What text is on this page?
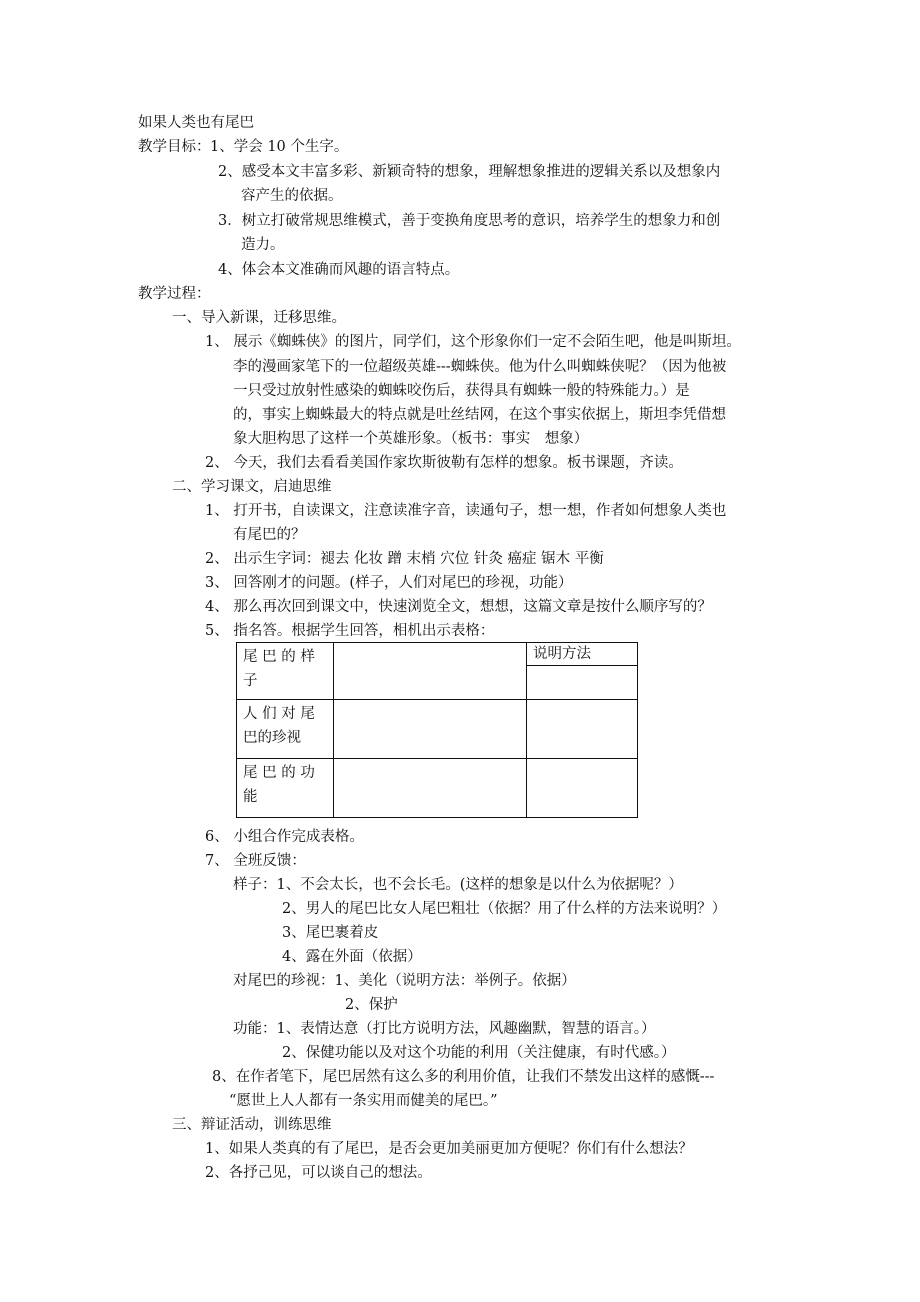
如果人类也有尾巴
教学目标： 1、学会 10 个生字。
2、感受本文丰富多彩、新颖奇特的想象，理解想象推进的逻辑关系以及想象内
容产生的依据。
3．树立打破常规思维模式，善于变换角度思考的意识，培养学生的想象力和创
造力。
4、体会本文准确而风趣的语言特点。
教学过程：
一、导入新课，迁移思维。
1、 展示《蜘蛛侠》的图片，同学们，这个形象你们一定不会陌生吧，他是叫斯坦。
李的漫画家笔下的一位超级英雄---蜘蛛侠。他为什么叫蜘蛛侠呢？（因为他被
一只受过放射性感染的蜘蛛咬伤后，获得具有蜘蛛一般的特殊能力。）是
的，事实上蜘蛛最大的特点就是吐丝结网，在这个事实依据上，斯坦李凭借想
象大胆构思了这样一个英雄形象。（板书：事实　想象）
2、 今天，我们去看看美国作家坎斯彼勒有怎样的想象。板书课题，齐读。
二、学习课文，启迪思维
1、 打开书，自读课文，注意读准字音，读通句子，想一想，作者如何想象人类也
有尾巴的？
2、 出示生字词：褪去 化妆 蹭 末梢 穴位 针灸 癌症 锯木 平衡
3、 回答刚才的问题。(样子，人们对尾巴的珍视，功能）
4、 那么再次回到课文中，快速浏览全文，想想，这篇文章是按什么顺序写的？
5、 指名答。根据学生回答，相机出示表格：
尾 巴 的 样 子		说明方法

人 们 对 尾 巴的珍视		
尾 巴 的 功 能		
6、 小组合作完成表格。
7、 全班反馈：
样子：1、不会太长，也不会长毛。(这样的想象是以什么为依据呢？）
2、男人的尾巴比女人尾巴粗壮（依据？用了什么样的方法来说明？）
3、尾巴裹着皮
4、露在外面（依据）
对尾巴的珍视：1、美化（说明方法：举例子。依据）
2、保护
功能：1、表情达意（打比方说明方法，风趣幽默，智慧的语言。）
2、保健功能以及对这个功能的利用（关注健康，有时代感。）
8、在作者笔下，尾巴居然有这么多的利用价值，让我们不禁发出这样的感慨---
“愿世上人人都有一条实用而健美的尾巴。”
三、辩证活动，训练思维
1、如果人类真的有了尾巴，是否会更加美丽更加方便呢？你们有什么想法？
2、各抒己见，可以谈自己的想法。
